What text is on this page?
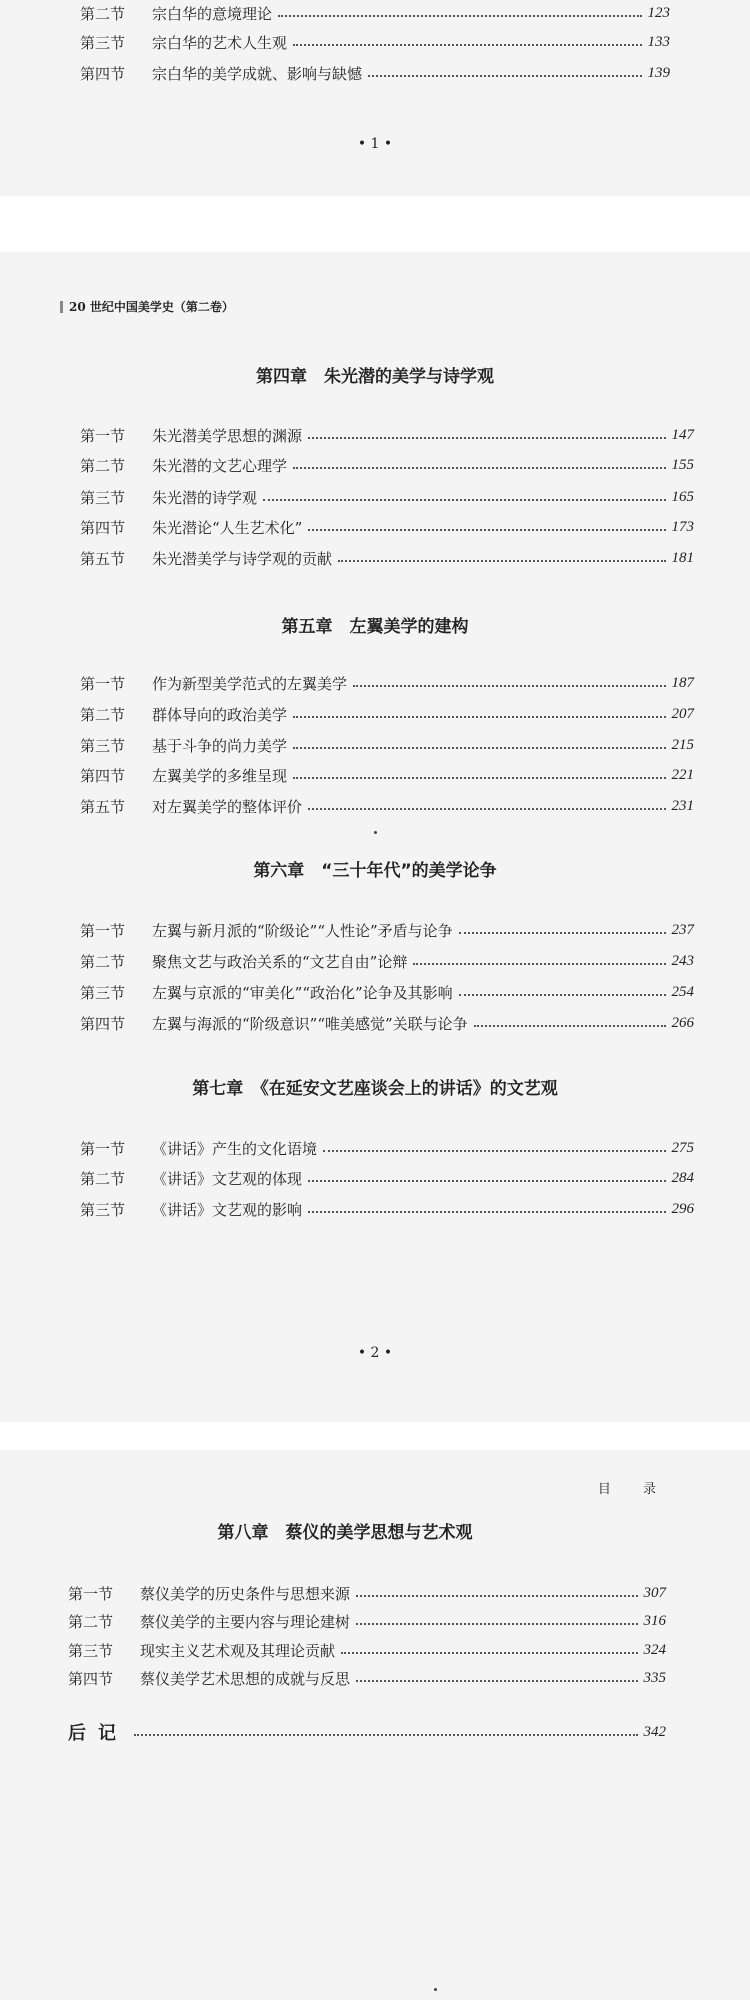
第二节	宗白华的意境理论	123
第三节	宗白华的艺术人生观	133
第四节	宗白华的美学成就、影响与缺憾	139
• 1 •
20 世纪中国美学史（第二卷）
第四章　朱光潜的美学与诗学观
第一节	朱光潜美学思想的渊源	147
第二节	朱光潜的文艺心理学	155
第三节	朱光潜的诗学观	165
第四节	朱光潜论“人生艺术化”	173
第五节	朱光潜美学与诗学观的贡献	181
第五章　左翼美学的建构
第一节	作为新型美学范式的左翼美学	187
第二节	群体导向的政治美学	207
第三节	基于斗争的尚力美学	215
第四节	左翼美学的多维呈现	221
第五节	对左翼美学的整体评价	231
第六章　“三十年代”的美学论争
第一节	左翼与新月派的“阶级论”“人性论”矛盾与论争	237
第二节	聚焦文艺与政治关系的“文艺自由”论辩	243
第三节	左翼与京派的“审美化”“政治化”论争及其影响	254
第四节	左翼与海派的“阶级意识”“唯美感觉”关联与论争	266
第七章　《在延安文艺座谈会上的讲话》的文艺观
第一节	《讲话》产生的文化语境	275
第二节	《讲话》文艺观的体现	284
第三节	《讲话》文艺观的影响	296
• 2 •
目 录
第八章　蔡仪的美学思想与艺术观
第一节	蔡仪美学的历史条件与思想来源	307
第二节	蔡仪美学的主要内容与理论建树	316
第三节	现实主义艺术观及其理论贡献	324
第四节	蔡仪美学艺术思想的成就与反思	335
后记	342
